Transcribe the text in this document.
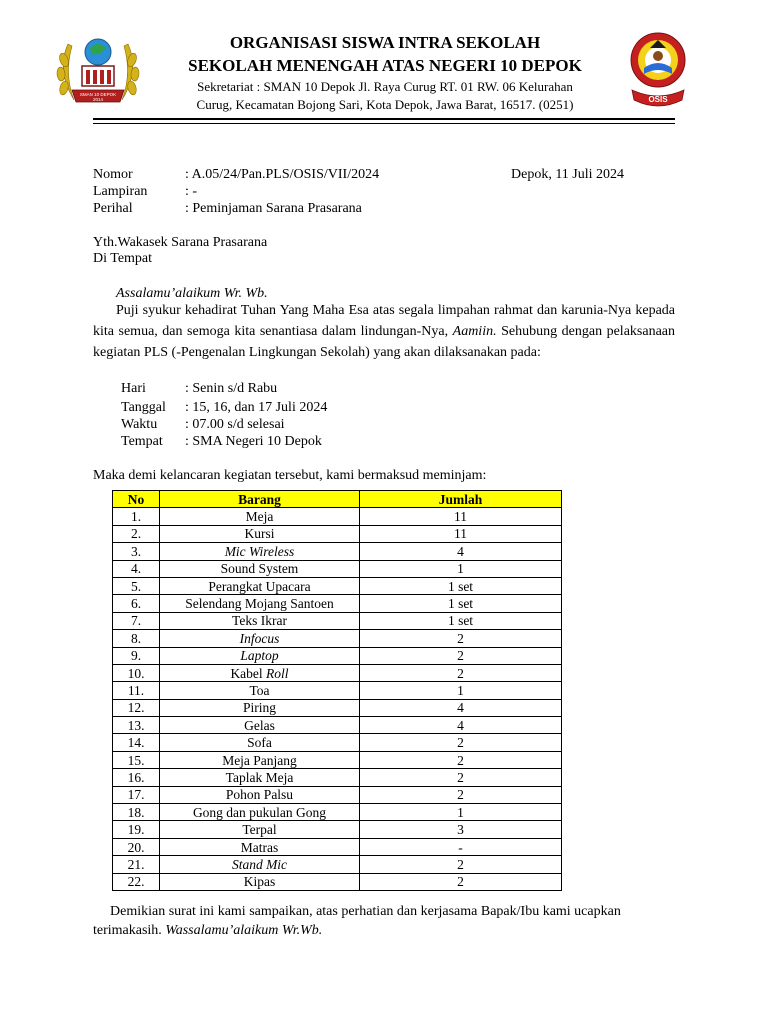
SMAN 10 DEPOK
2014
ORGANISASI SISWA INTRA SEKOLAH
SEKOLAH MENENGAH ATAS NEGERI 10 DEPOK
Sekretariat : SMAN 10 Depok Jl. Raya Curug RT. 01 RW. 06 Kelurahan
Curug, Kecamatan Bojong Sari, Kota Depok, Jawa Barat, 16517. (0251)	OSIS
Nomor	: A.05/24/Pan.PLS/OSIS/VII/2024	Depok, 11 Juli 2024
Lampiran	: -
Perihal	: Peminjaman Sarana Prasarana
Yth.Wakasek Sarana Prasarana
Di Tempat
Assalamu’alaikum Wr. Wb.
Puji syukur kehadirat Tuhan Yang Maha Esa atas segala limpahan rahmat dan karunia-Nya kepada kita semua, dan semoga kita senantiasa dalam lindungan-Nya, Aamiin. Sehubung dengan pelaksanaan kegiatan PLS (-Pengenalan Lingkungan Sekolah) yang akan dilaksanakan pada:
Hari	: Senin s/d Rabu
Tanggal : 15, 16, dan 17 Juli 2024
Waktu : 07.00 s/d selesai
Tempat : SMA Negeri 10 Depok
Maka demi kelancaran kegiatan tersebut, kami bermaksud meminjam:
No	Barang	Jumlah
1.	Meja	11
2.	Kursi	11
3.	Mic Wireless	4
4.	Sound System	1
5.	Perangkat Upacara	1 set
6.	Selendang Mojang Santoen	1 set
7.	Teks Ikrar	1 set
8.	Infocus	2
9.	Laptop	2
10.	Kabel Roll	2
11.	Toa	1
12.	Piring	4
13.	Gelas	4
14.	Sofa	2
15.	Meja Panjang	2
16.	Taplak Meja	2
17.	Pohon Palsu	2
18.	Gong dan pukulan Gong	1
19.	Terpal	3
20.	Matras	-
21.	Stand Mic	2
22.	Kipas	2
Demikian surat ini kami sampaikan, atas perhatian dan kerjasama Bapak/Ibu kami ucapkan terimakasih. Wassalamu’alaikum Wr.Wb.
